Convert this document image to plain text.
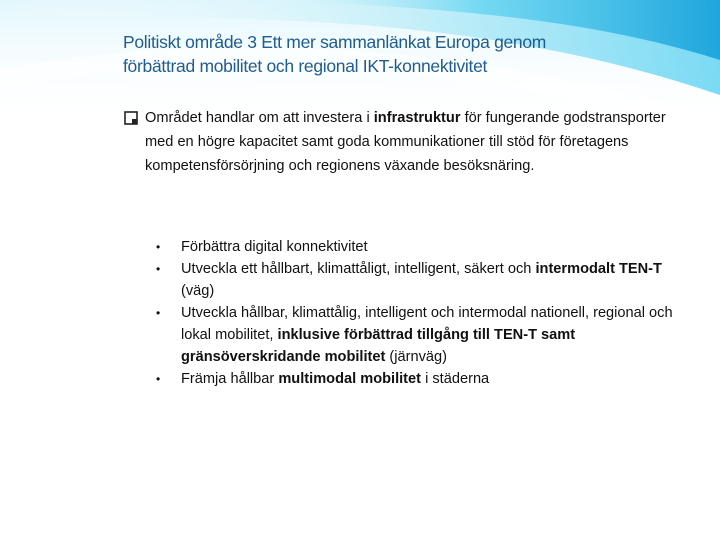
Politiskt område 3 Ett mer sammanlänkat Europa genom
förbättrad mobilitet och regional IKT-konnektivitet
Området handlar om att investera i infrastruktur för fungerande godstransporter med en högre kapacitet samt goda kommunikationer till stöd för företagens kompetensförsörjning och regionens växande besöksnäring.
• Förbättra digital konnektivitet
• Utveckla ett hållbart, klimattåligt, intelligent, säkert och intermodalt TEN-T (väg)
• Utveckla hållbar, klimattålig, intelligent och intermodal nationell, regional och lokal mobilitet, inklusive förbättrad tillgång till TEN-T samt gränsöverskridande mobilitet (järnväg)
• Främja hållbar multimodal mobilitet i städerna
